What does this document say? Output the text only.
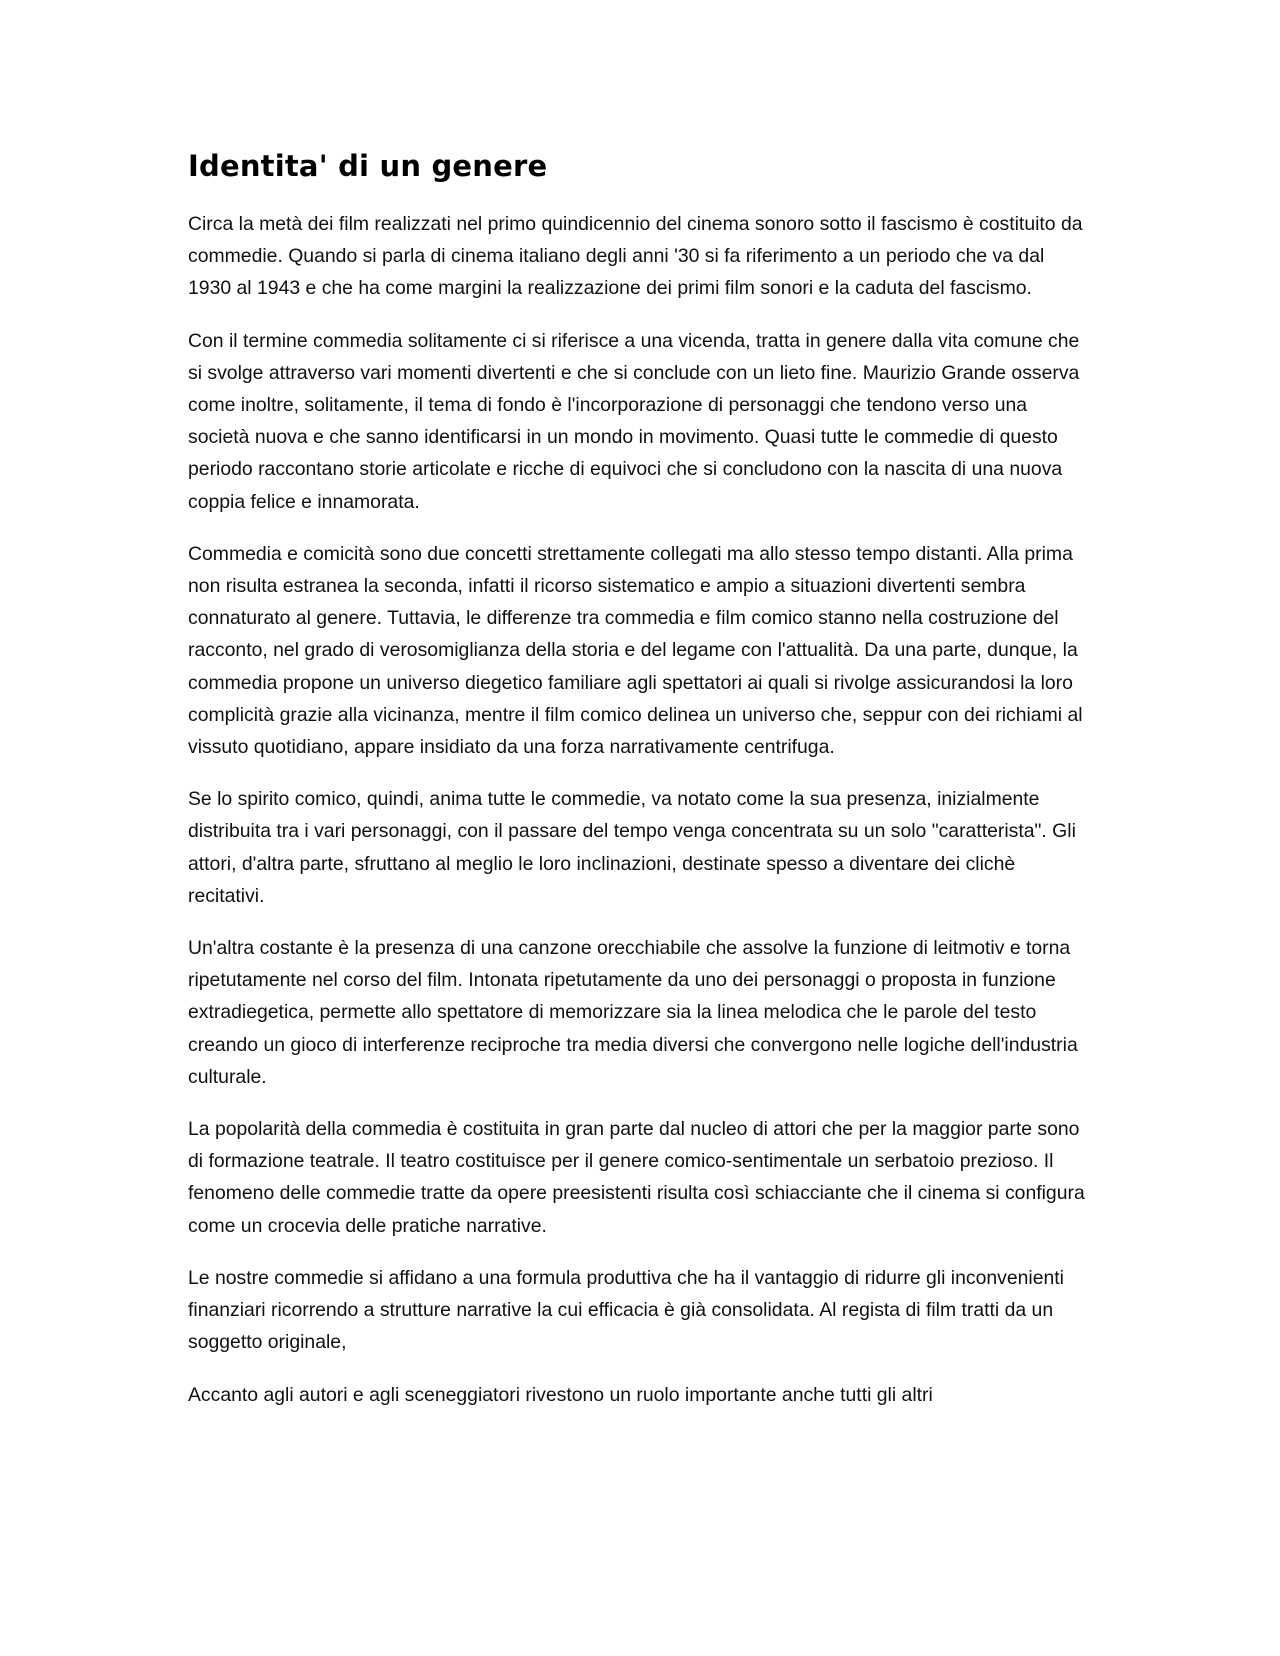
Identita' di un genere

Circa la metà dei film realizzati nel primo quindicennio del cinema sonoro sotto il fascismo è costituito da commedie. Quando si parla di cinema italiano degli anni '30 si fa riferimento a un periodo che va dal 1930 al 1943 e che ha come margini la realizzazione dei primi film sonori e la caduta del fascismo.

Con il termine commedia solitamente ci si riferisce a una vicenda, tratta in genere dalla vita comune che si svolge attraverso vari momenti divertenti e che si conclude con un lieto fine. Maurizio Grande osserva come inoltre, solitamente, il tema di fondo è l'incorporazione di personaggi che tendono verso una società nuova e che sanno identificarsi in un mondo in movimento. Quasi tutte le commedie di questo periodo raccontano storie articolate e ricche di equivoci che si concludono con la nascita di una nuova coppia felice e innamorata.

Commedia e comicità sono due concetti strettamente collegati ma allo stesso tempo distanti. Alla prima non risulta estranea la seconda, infatti il ricorso sistematico e ampio a situazioni divertenti sembra connaturato al genere. Tuttavia, le differenze tra commedia e film comico stanno nella costruzione del racconto, nel grado di verosomiglianza della storia e del legame con l'attualità. Da una parte, dunque, la commedia propone un universo diegetico familiare agli spettatori ai quali si rivolge assicurandosi la loro complicità grazie alla vicinanza, mentre il film comico delinea un universo che, seppur con dei richiami al vissuto quotidiano, appare insidiato da una forza narrativamente centrifuga.

Se lo spirito comico, quindi, anima tutte le commedie, va notato come la sua presenza, inizialmente distribuita tra i vari personaggi, con il passare del tempo venga concentrata su un solo "caratterista". Gli attori, d'altra parte, sfruttano al meglio le loro inclinazioni, destinate spesso a diventare dei clichè recitativi.

Un'altra costante è la presenza di una canzone orecchiabile che assolve la funzione di leitmotiv e torna ripetutamente nel corso del film. Intonata ripetutamente da uno dei personaggi o proposta in funzione extradiegetica, permette allo spettatore di memorizzare sia la linea melodica che le parole del testo creando un gioco di interferenze reciproche tra media diversi che convergono nelle logiche dell'industria culturale.

La popolarità della commedia è costituita in gran parte dal nucleo di attori che per la maggior parte sono di formazione teatrale. Il teatro costituisce per il genere comico-sentimentale un serbatoio prezioso. Il fenomeno delle commedie tratte da opere preesistenti risulta così schiacciante che il cinema si configura come un crocevia delle pratiche narrative.

Le nostre commedie si affidano a una formula produttiva che ha il vantaggio di ridurre gli inconvenienti finanziari ricorrendo a strutture narrative la cui efficacia è già consolidata. Al regista di film tratti da un soggetto originale,

Accanto agli autori e agli sceneggiatori rivestono un ruolo importante anche tutti gli altri
